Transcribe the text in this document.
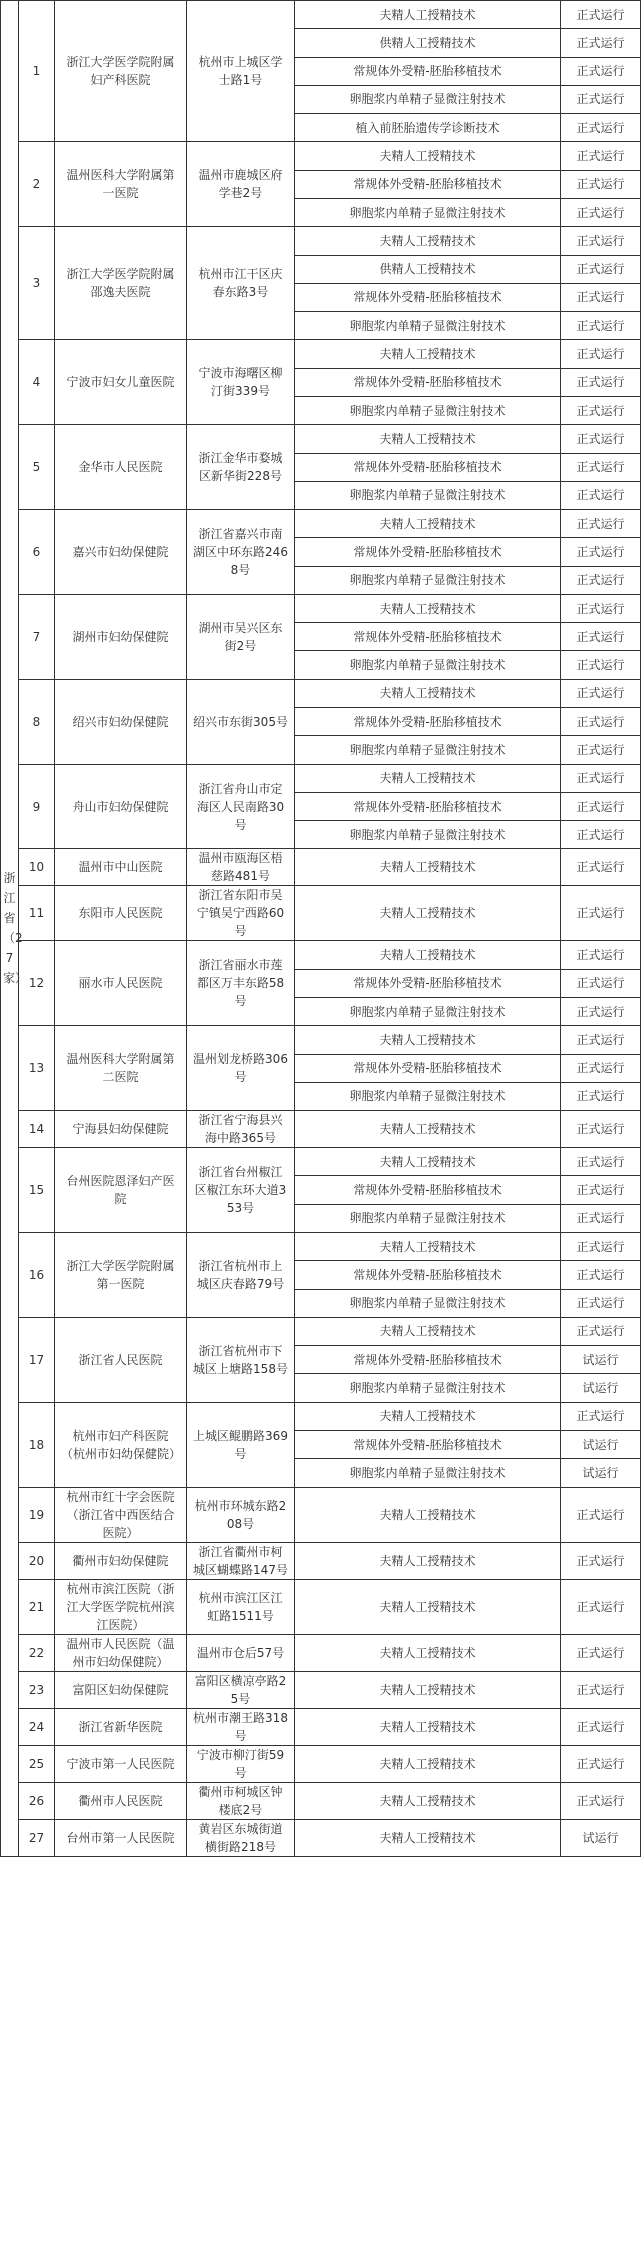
浙江省（27家）	1	浙江大学医学院附属妇产科医院	杭州市上城区学士路1号	夫精人工授精技术	正式运行
				供精人工授精技术	正式运行
				常规体外受精-胚胎移植技术	正式运行
				卵胞浆内单精子显微注射技术	正式运行
				植入前胚胎遗传学诊断技术	正式运行
	2	温州医科大学附属第一医院	温州市鹿城区府学巷2号	夫精人工授精技术	正式运行
				常规体外受精-胚胎移植技术	正式运行
				卵胞浆内单精子显微注射技术	正式运行
	3	浙江大学医学院附属邵逸夫医院	杭州市江干区庆春东路3号	夫精人工授精技术	正式运行
				供精人工授精技术	正式运行
				常规体外受精-胚胎移植技术	正式运行
				卵胞浆内单精子显微注射技术	正式运行
	4	宁波市妇女儿童医院	宁波市海曙区柳汀街339号	夫精人工授精技术	正式运行
				常规体外受精-胚胎移植技术	正式运行
				卵胞浆内单精子显微注射技术	正式运行
	5	金华市人民医院	浙江金华市婺城区新华街228号	夫精人工授精技术	正式运行
				常规体外受精-胚胎移植技术	正式运行
				卵胞浆内单精子显微注射技术	正式运行
	6	嘉兴市妇幼保健院	浙江省嘉兴市南湖区中环东路2468号	夫精人工授精技术	正式运行
				常规体外受精-胚胎移植技术	正式运行
				卵胞浆内单精子显微注射技术	正式运行
	7	湖州市妇幼保健院	湖州市吴兴区东街2号	夫精人工授精技术	正式运行
				常规体外受精-胚胎移植技术	正式运行
				卵胞浆内单精子显微注射技术	正式运行
	8	绍兴市妇幼保健院	绍兴市东街305号	夫精人工授精技术	正式运行
				常规体外受精-胚胎移植技术	正式运行
				卵胞浆内单精子显微注射技术	正式运行
	9	舟山市妇幼保健院	浙江省舟山市定海区人民南路30号	夫精人工授精技术	正式运行
				常规体外受精-胚胎移植技术	正式运行
				卵胞浆内单精子显微注射技术	正式运行
	10	温州市中山医院	温州市瓯海区梧慈路481号	夫精人工授精技术	正式运行
	11	东阳市人民医院	浙江省东阳市吴宁镇吴宁西路60号	夫精人工授精技术	正式运行
	12	丽水市人民医院	浙江省丽水市莲都区万丰东路58号	夫精人工授精技术	正式运行
				常规体外受精-胚胎移植技术	正式运行
				卵胞浆内单精子显微注射技术	正式运行
	13	温州医科大学附属第二医院	温州划龙桥路306号	夫精人工授精技术	正式运行
				常规体外受精-胚胎移植技术	正式运行
				卵胞浆内单精子显微注射技术	正式运行
	14	宁海县妇幼保健院	浙江省宁海县兴海中路365号	夫精人工授精技术	正式运行
	15	台州医院恩泽妇产医院	浙江省台州椒江区椒江东环大道353号	夫精人工授精技术	正式运行
				常规体外受精-胚胎移植技术	正式运行
				卵胞浆内单精子显微注射技术	正式运行
	16	浙江大学医学院附属第一医院	浙江省杭州市上城区庆春路79号	夫精人工授精技术	正式运行
				常规体外受精-胚胎移植技术	正式运行
				卵胞浆内单精子显微注射技术	正式运行
	17	浙江省人民医院	浙江省杭州市下城区上塘路158号	夫精人工授精技术	正式运行
				常规体外受精-胚胎移植技术	试运行
				卵胞浆内单精子显微注射技术	试运行
	18	杭州市妇产科医院（杭州市妇幼保健院）	上城区鲲鹏路369号	夫精人工授精技术	正式运行
				常规体外受精-胚胎移植技术	试运行
				卵胞浆内单精子显微注射技术	试运行
	19	杭州市红十字会医院（浙江省中西医结合医院）	杭州市环城东路208号	夫精人工授精技术	正式运行
	20	衢州市妇幼保健院	浙江省衢州市柯城区蝴蝶路147号	夫精人工授精技术	正式运行
	21	杭州市滨江医院（浙江大学医学院杭州滨江医院）	杭州市滨江区江虹路1511号	夫精人工授精技术	正式运行
	22	温州市人民医院（温州市妇幼保健院）	温州市仓后57号	夫精人工授精技术	正式运行
	23	富阳区妇幼保健院	富阳区横凉亭路25号	夫精人工授精技术	正式运行
	24	浙江省新华医院	杭州市潮王路318号	夫精人工授精技术	正式运行
	25	宁波市第一人民医院	宁波市柳汀街59号	夫精人工授精技术	正式运行
	26	衢州市人民医院	衢州市柯城区钟楼底2号	夫精人工授精技术	正式运行
	27	台州市第一人民医院	黄岩区东城街道横街路218号	夫精人工授精技术	试运行
